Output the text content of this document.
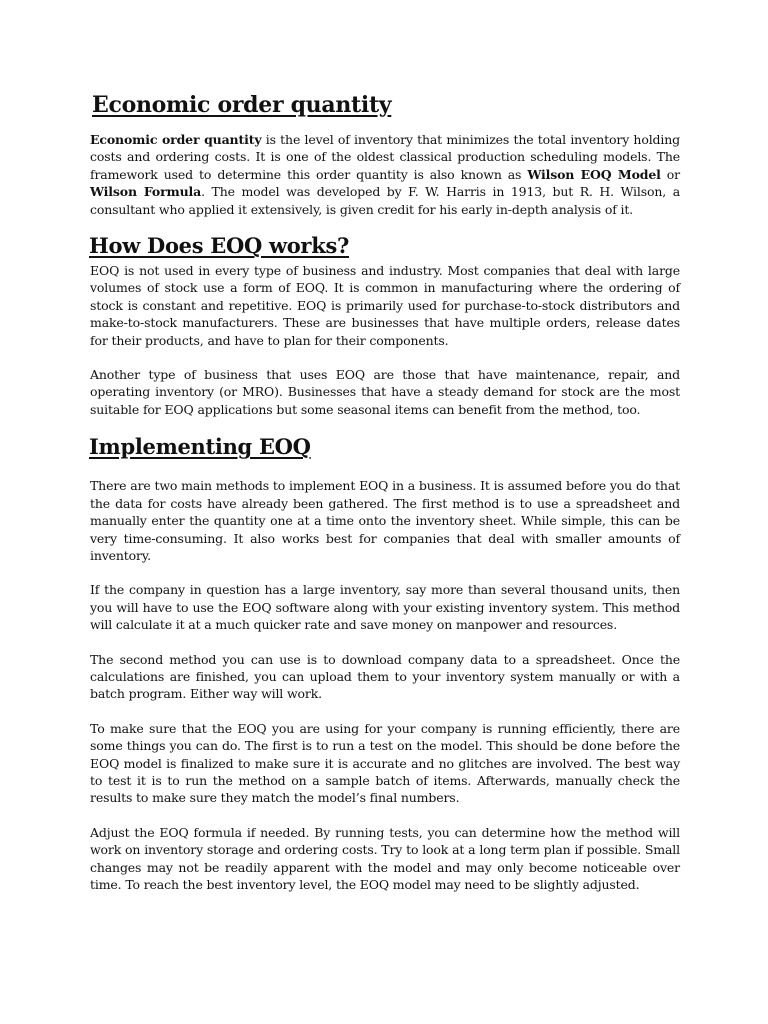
Economic order quantity

Economic order quantity is the level of inventory that minimizes the total inventory holding costs and ordering costs. It is one of the oldest classical production scheduling models. The framework used to determine this order quantity is also known as Wilson EOQ Model or Wilson Formula. The model was developed by F. W. Harris in 1913, but R. H. Wilson, a consultant who applied it extensively, is given credit for his early in-depth analysis of it.

How Does EOQ works?

EOQ is not used in every type of business and industry. Most companies that deal with large volumes of stock use a form of EOQ. It is common in manufacturing where the ordering of stock is constant and repetitive. EOQ is primarily used for purchase-to-stock distributors and make-to-stock manufacturers. These are businesses that have multiple orders, release dates for their products, and have to plan for their components.

Another type of business that uses EOQ are those that have maintenance, repair, and operating inventory (or MRO). Businesses that have a steady demand for stock are the most suitable for EOQ applications but some seasonal items can benefit from the method, too.

Implementing EOQ

There are two main methods to implement EOQ in a business. It is assumed before you do that the data for costs have already been gathered. The first method is to use a spreadsheet and manually enter the quantity one at a time onto the inventory sheet. While simple, this can be very time-consuming. It also works best for companies that deal with smaller amounts of inventory.

If the company in question has a large inventory, say more than several thousand units, then you will have to use the EOQ software along with your existing inventory system. This method will calculate it at a much quicker rate and save money on manpower and resources.

The second method you can use is to download company data to a spreadsheet. Once the calculations are finished, you can upload them to your inventory system manually or with a batch program. Either way will work.

To make sure that the EOQ you are using for your company is running efficiently, there are some things you can do. The first is to run a test on the model. This should be done before the EOQ model is finalized to make sure it is accurate and no glitches are involved. The best way to test it is to run the method on a sample batch of items. Afterwards, manually check the results to make sure they match the model’s final numbers.

Adjust the EOQ formula if needed. By running tests, you can determine how the method will work on inventory storage and ordering costs. Try to look at a long term plan if possible. Small changes may not be readily apparent with the model and may only become noticeable over time. To reach the best inventory level, the EOQ model may need to be slightly adjusted.
